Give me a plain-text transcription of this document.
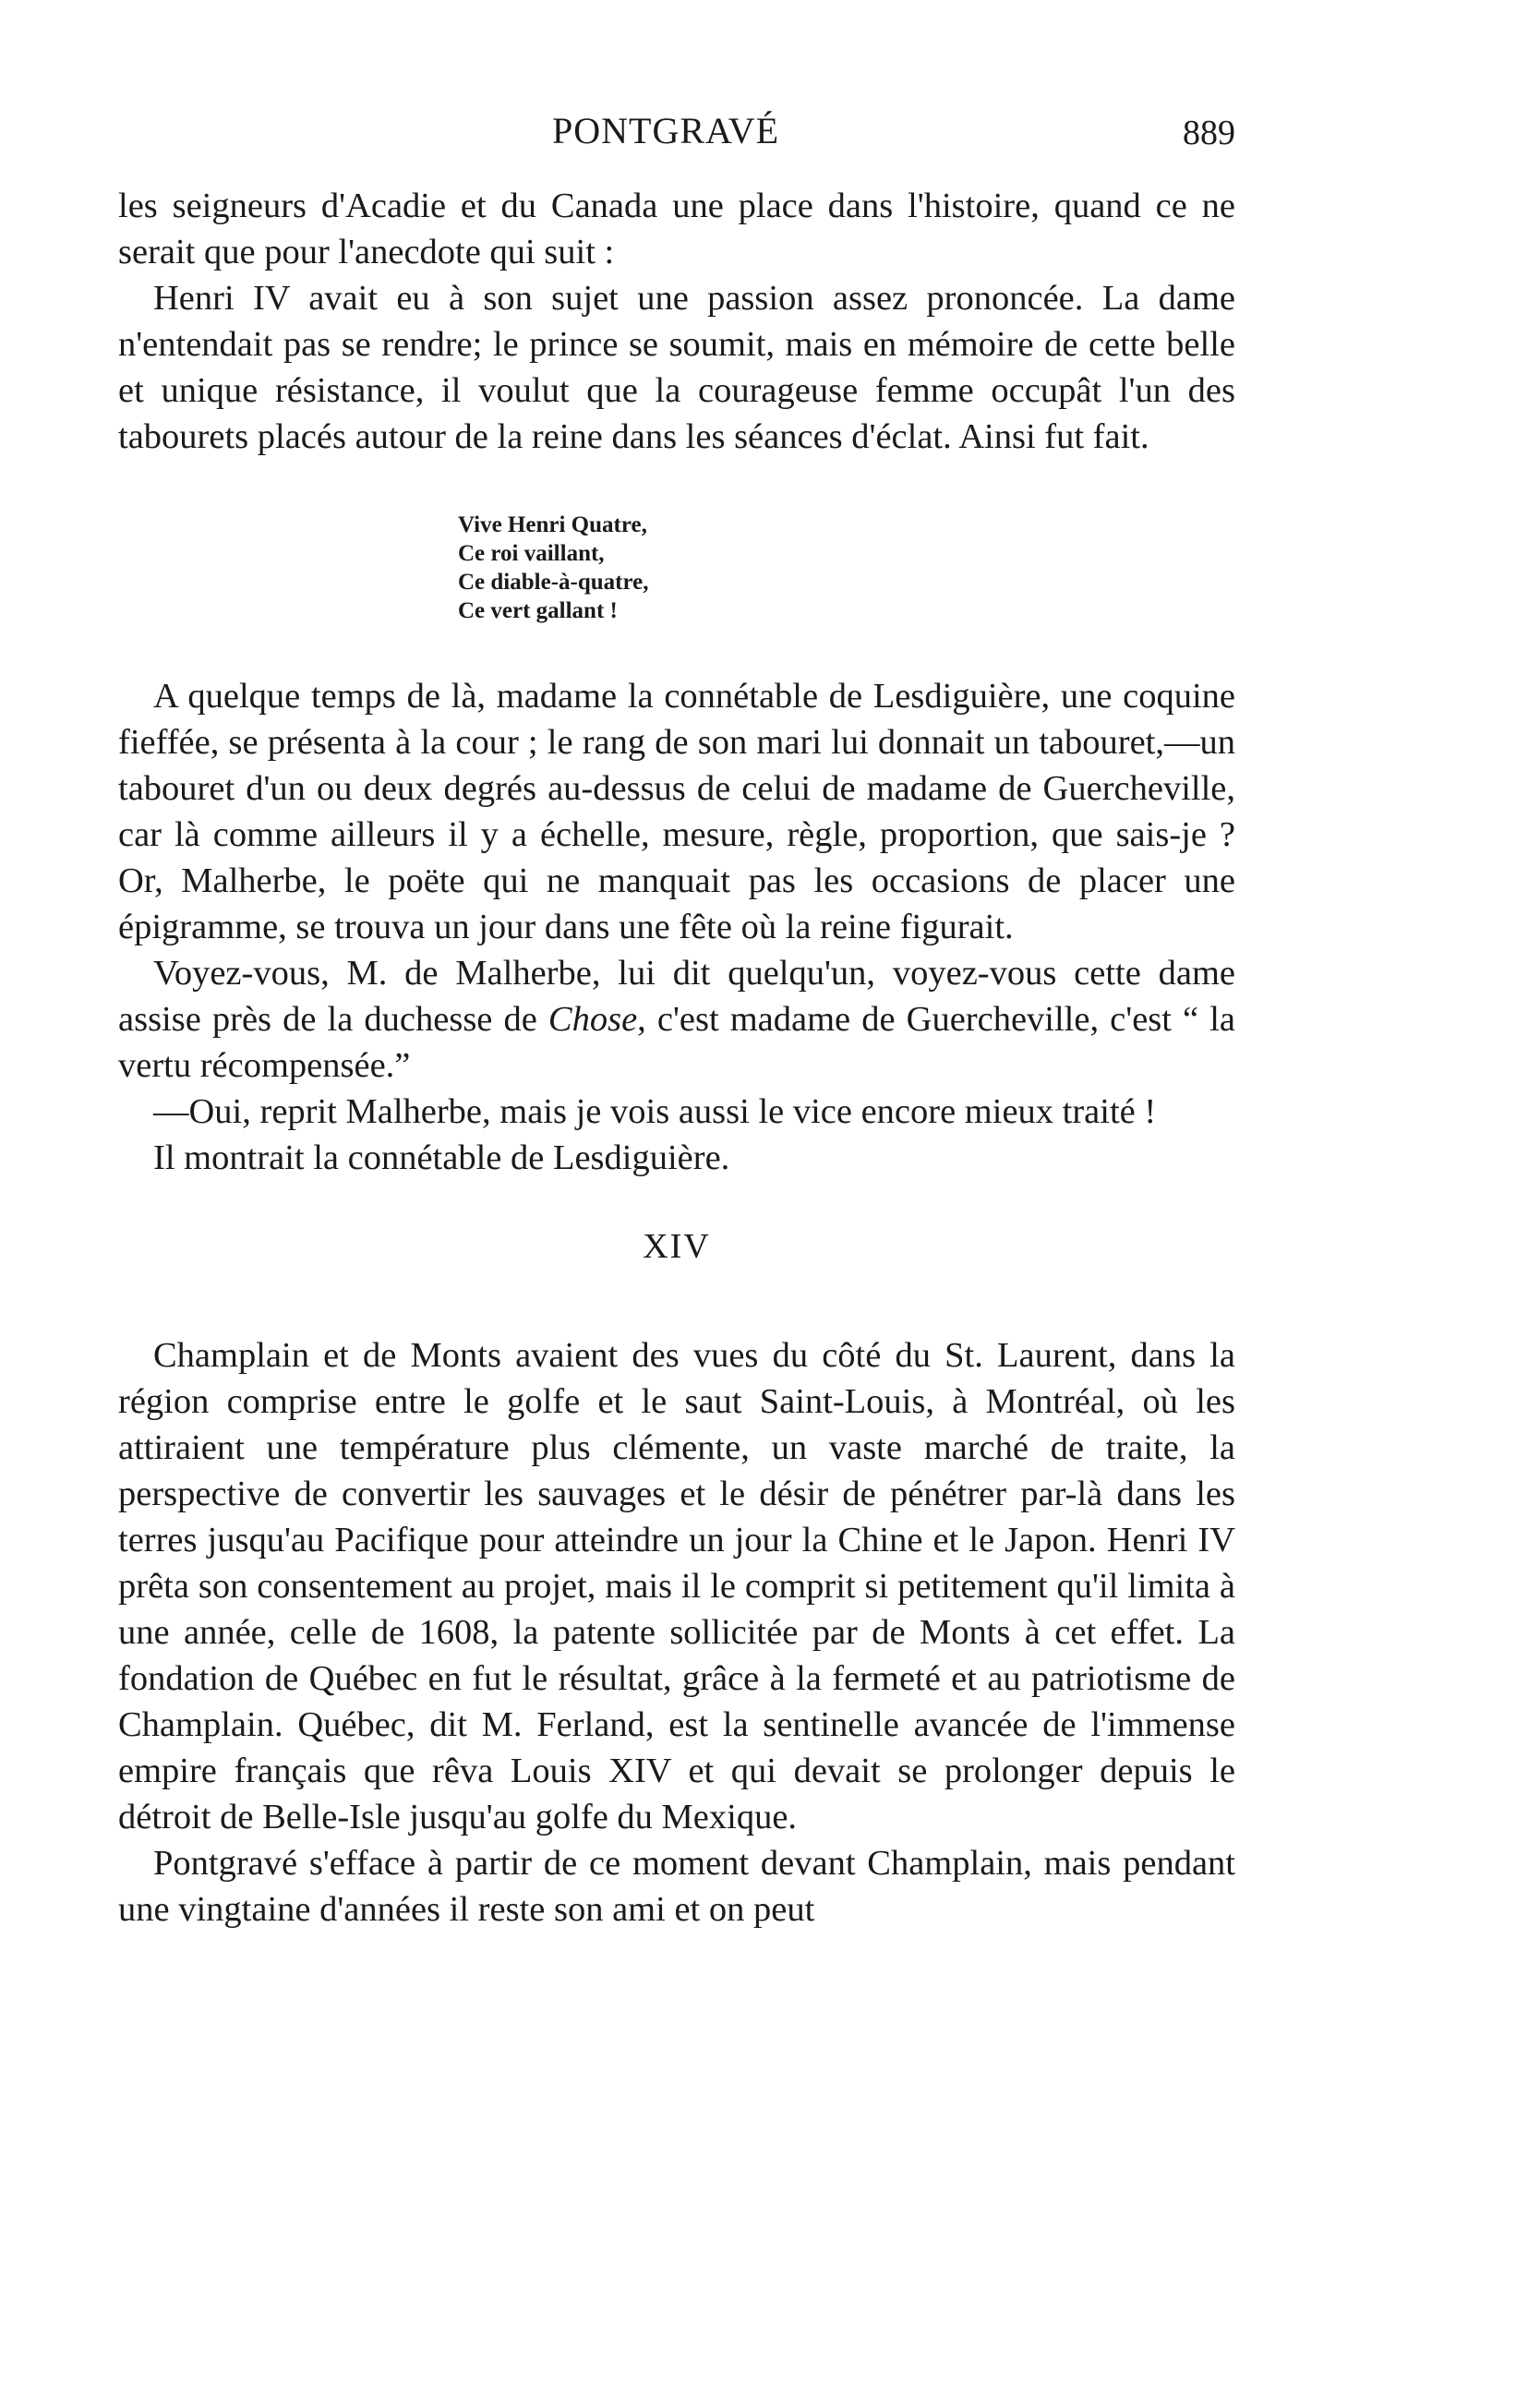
PONTGRAVÉ	889

les seigneurs d'Acadie et du Canada une place dans l'histoire, quand ce ne serait que pour l'anecdote qui suit :

Henri IV avait eu à son sujet une passion assez prononcée. La dame n'entendait pas se rendre; le prince se soumit, mais en mémoire de cette belle et unique résistance, il voulut que la courageuse femme occupât l'un des tabourets placés autour de la reine dans les séances d'éclat. Ainsi fut fait.

Vive Henri Quatre,
Ce roi vaillant,
Ce diable-à-quatre,
Ce vert gallant !

A quelque temps de là, madame la connétable de Lesdiguière, une coquine fieffée, se présenta à la cour ; le rang de son mari lui donnait un tabouret,—un tabouret d'un ou deux degrés au-dessus de celui de madame de Guercheville, car là comme ailleurs il y a échelle, mesure, règle, proportion, que sais-je ? Or, Malherbe, le poëte qui ne manquait pas les occasions de placer une épigramme, se trouva un jour dans une fête où la reine figurait.

Voyez-vous, M. de Malherbe, lui dit quelqu'un, voyez-vous cette dame assise près de la duchesse de Chose, c'est madame de Guercheville, c'est “ la vertu récompensée.”

—Oui, reprit Malherbe, mais je vois aussi le vice encore mieux traité !

Il montrait la connétable de Lesdiguière.

XIV

Champlain et de Monts avaient des vues du côté du St. Laurent, dans la région comprise entre le golfe et le saut Saint-Louis, à Montréal, où les attiraient une température plus clémente, un vaste marché de traite, la perspective de convertir les sauvages et le désir de pénétrer par-là dans les terres jusqu'au Pacifique pour atteindre un jour la Chine et le Japon. Henri IV prêta son consentement au projet, mais il le comprit si petitement qu'il limita à une année, celle de 1608, la patente sollicitée par de Monts à cet effet. La fondation de Québec en fut le résultat, grâce à la fermeté et au patriotisme de Champlain. Québec, dit M. Ferland, est la sentinelle avancée de l'immense empire français que rêva Louis XIV et qui devait se prolonger depuis le détroit de Belle-Isle jusqu'au golfe du Mexique.

Pontgravé s'efface à partir de ce moment devant Champlain, mais pendant une vingtaine d'années il reste son ami et on peut
